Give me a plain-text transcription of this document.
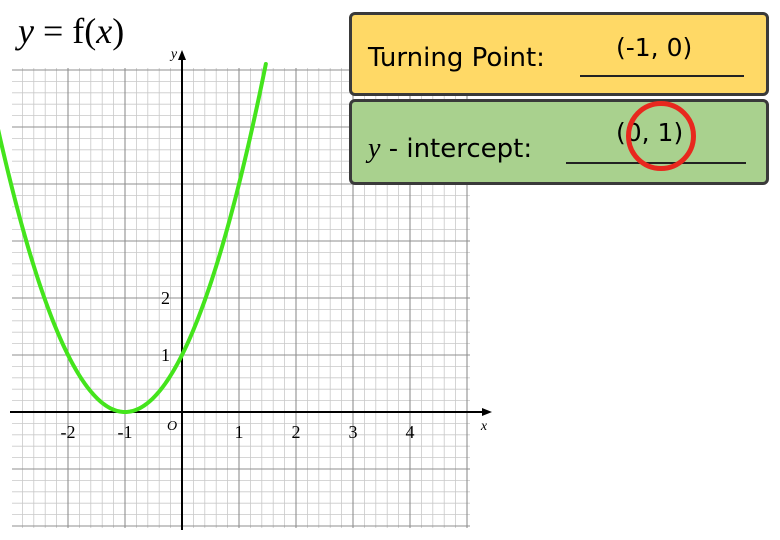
-2 -1	1	2	3	4
1
2
O	x
y
y = f(x)
Turning Point:	(-1, 0)
y - intercept:
(0, 1)
